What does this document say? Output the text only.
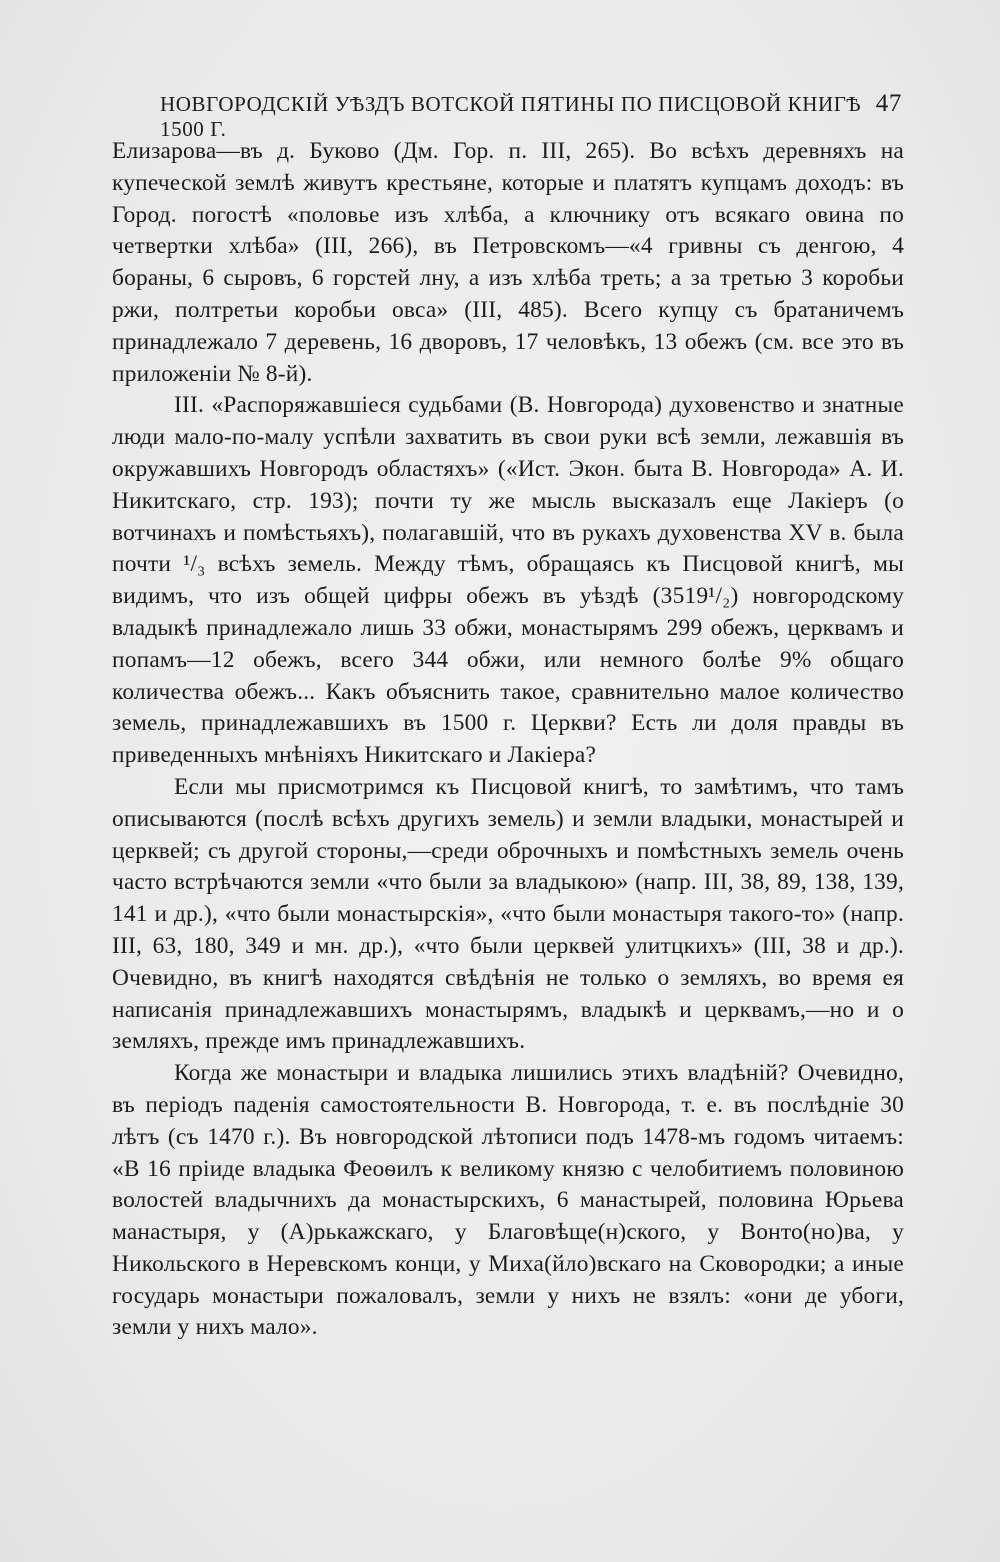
НОВГОРОДСКІЙ УѢЗДЪ ВОТСКОЙ ПЯТИНЫ ПО ПИСЦОВОЙ КНИГѢ 1500 Г.
47

Елизарова—въ д. Буково (Дм. Гор. п. III, 265). Во всѣхъ деревняхъ на купеческой землѣ живутъ крестьяне, которые и платятъ купцамъ доходъ: въ Город. погостѣ «половье изъ хлѣба, а ключнику отъ всякаго овина по четвертки хлѣба» (III, 266), въ Петровскомъ—«4 гривны съ денгою, 4 бораны, 6 сыровъ, 6 горстей лну, а изъ хлѣба треть; а за третью 3 коробьи ржи, полтретьи коробьи овса» (III, 485). Всего купцу съ братаничемъ принадлежало 7 деревень, 16 дворовъ, 17 человѣкъ, 13 обежъ (см. все это въ приложеніи № 8-й).

III. «Распоряжавшіеся судьбами (В. Новгорода) духовенство и знатные люди мало-по-малу успѣли захватить въ свои руки всѣ земли, лежавшія въ окружавшихъ Новгородъ областяхъ» («Ист. Экон. быта В. Новгорода» А. И. Никитскаго, стр. 193); почти ту же мысль высказалъ еще Лакіеръ (о вотчинахъ и помѣстьяхъ), полагавшій, что въ рукахъ духовенства XV в. была почти ¹/₃ всѣхъ земель. Между тѣмъ, обращаясь къ Писцовой книгѣ, мы видимъ, что изъ общей цифры обежъ въ уѣздѣ (3519¹/₂) новгородскому владыкѣ принадлежало лишь 33 обжи, монастырямъ 299 обежъ, церквамъ и попамъ—12 обежъ, всего 344 обжи, или немного болѣе 9% общаго количества обежъ... Какъ объяснить такое, сравнительно малое количество земель, принадлежавшихъ въ 1500 г. Церкви? Есть ли доля правды въ приведенныхъ мнѣніяхъ Никитскаго и Лакіера?

Если мы присмотримся къ Писцовой книгѣ, то замѣтимъ, что тамъ описываются (послѣ всѣхъ другихъ земель) и земли владыки, монастырей и церквей; съ другой стороны,—среди оброчныхъ и помѣстныхъ земель очень часто встрѣчаются земли «что были за владыкою» (напр. III, 38, 89, 138, 139, 141 и др.), «что были монастырскія», «что были монастыря такого-то» (напр. III, 63, 180, 349 и мн. др.), «что были церквей улитцкихъ» (III, 38 и др.). Очевидно, въ книгѣ находятся свѣдѣнія не только о земляхъ, во время ея написанія принадлежавшихъ монастырямъ, владыкѣ и церквамъ,—но и о земляхъ, прежде имъ принадлежавшихъ.

Когда же монастыри и владыка лишились этихъ владѣній? Очевидно, въ періодъ паденія самостоятельности В. Новгорода, т. е. въ послѣдніе 30 лѣтъ (съ 1470 г.). Въ новгородской лѣтописи подъ 1478-мъ годомъ читаемъ: «В 16 пріиде владыка Феоѳилъ к великому князю с челобитиемъ половиною волостей владычнихъ да монастырскихъ, 6 манастырей, половина Юрьева манастыря, у (А)рькажскаго, у Благовѣще(н)ского, у Вонто(но)ва, у Никольского в Неревскомъ конци, у Миха(йло)вскаго на Сковородки; а иные государь монастыри пожаловалъ, земли у нихъ не взялъ: «они де убоги, земли у нихъ мало».
